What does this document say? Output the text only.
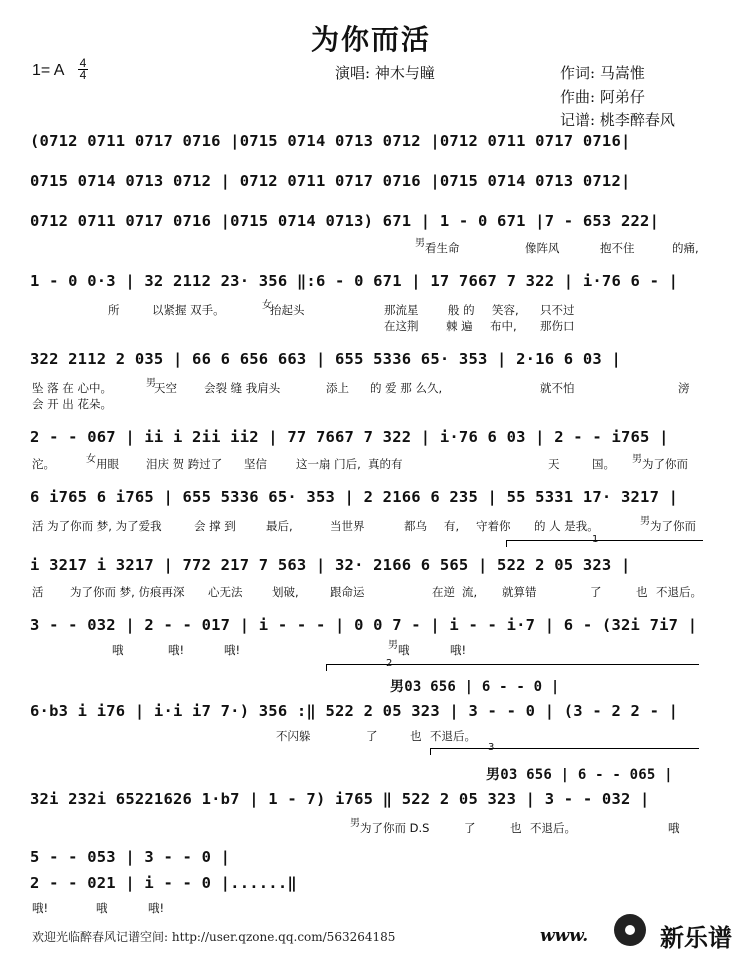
为你而活
1= A 4
4	演唱: 神木与瞳	作词: 马嵩惟
作曲: 阿弟仔
记谱: 桃李醉春风
(0712 0711 0717 0716 |0715 0714 0713 0712 |0712 0711 0717 0716|
0715 0714 0713 0712 | 0712 0711 0717 0716 |0715 0714 0713 0712|
0712 0711 0717 0716 |0715 0714 0713) 671 | 1 - 0 671 |7 - 653 222|
看生命	像阵风	抱不住	的痛,
男
1 - 0 0·3 | 32 2112 23· 356 ‖:6 - 0 671 | 17 7667 7 322 | i·76 6 - |
所	以紧握 双手。	女
抬起头	那流星	般 的 笑容, 只不过
在这荆 棘 遍 布中, 那伤口
322 2112 2 035 | 66 6 656 663 | 655 5336 65· 353 | 2·16 6 03 |
坠 落 在 心中。	男
天空 会裂 缝 我肩头	添上 的 爱 那 么久,	就不怕	滂
会 开 出 花朵。
2 - - 067 | ii i 2ii ii2 | 77 7667 7 322 | i·76 6 03 | 2 - - i765 |
沱。	女 用眼 泪庆 贺 跨过了 坚信	这一扇 门后, 真的有	天	国。 男 为了你而
6 i765 6 i765 | 655 5336 65· 353 | 2 2166 6 235 | 55 5331 17· 3217 |
活 为了你而 梦, 为了爱我	会 撑 到	最后,	当世界	都乌 有, 守着你 的 人 是我。	男 为了你而
1
i 3217 i 3217 | 772 217 7 563 | 32· 2166 6 565 | 522 2 05 323 |
活 为了你而 梦, 仿痕再深 心无法	划破,	跟命运	在逆 流, 就算错	了	也 不退后。
3 - - 032 | 2 - - 017 | i - - - | 0 0 7 - | i - - i·7 | 6 - (32i 7i7 |
哦	哦!	哦!	男 哦	哦!
2
男03 656 | 6 - - 0 |
6·b3 i i76 | i·i i7 7·) 356 :‖ 522 2 05 323 | 3 - - 0 | (3 - 2 2 - |
不闪躲	了	也 不退后。
3
男03 656 | 6 - - 065 |
32i 232i 65221626 1·b7 | 1 - 7) i765 ‖ 522 2 05 323 | 3 - - 032 |
男 为了你而 D.S	了	也 不退后。	哦
5 - - 053 | 3 - - 0 |
2 - - 021 | i - - 0 |......‖
哦!	哦	哦!
欢迎光临醉春风记谱空间: http://user.qzone.qq.com/563264185	www.	新乐谱
